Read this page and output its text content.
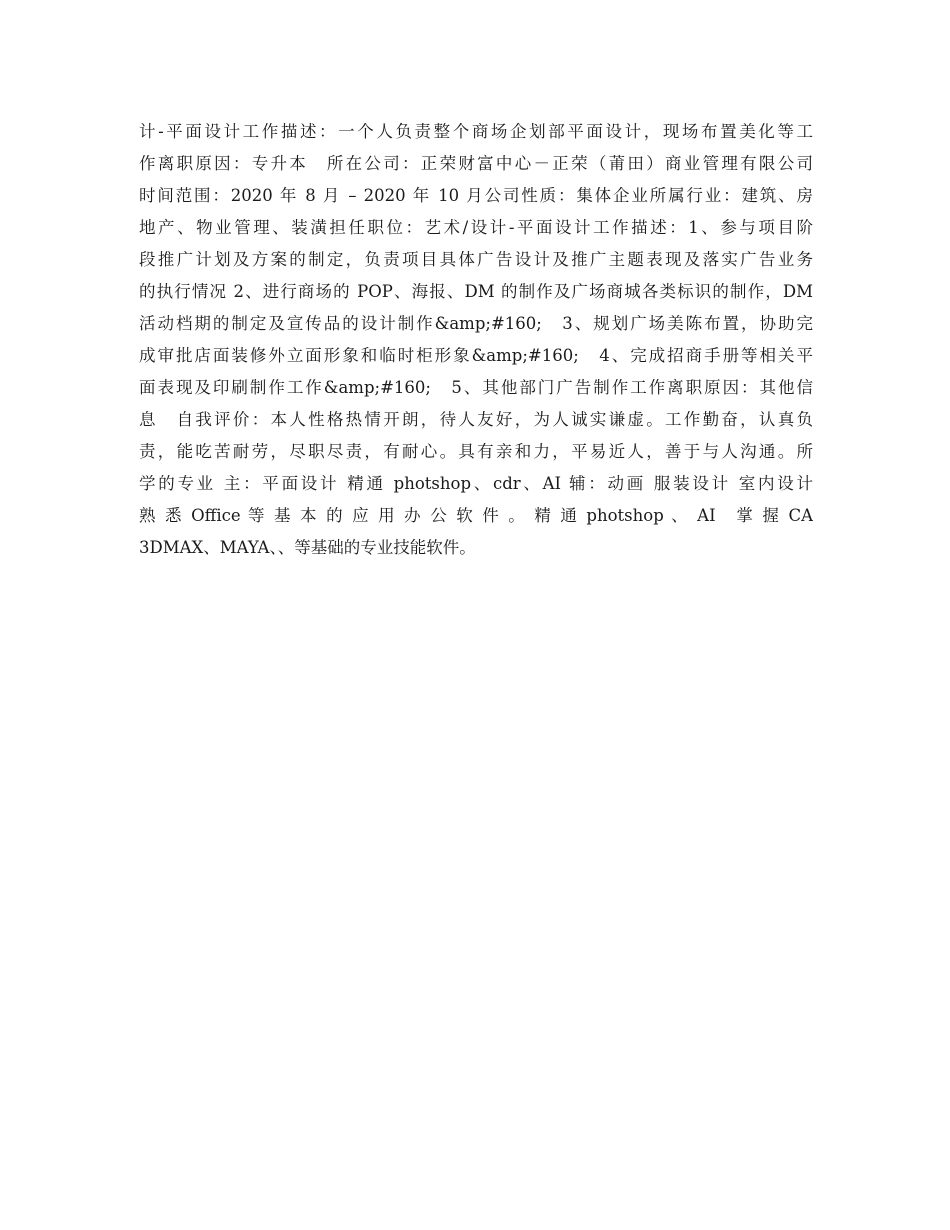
计-平面设计工作描述：一个人负责整个商场企划部平面设计，现场布置美化等工
作离职原因：专升本　所在公司：正荣财富中心－正荣（莆田）商业管理有限公司
时间范围：2020 年 8 月 – 2020 年 10 月公司性质：集体企业所属行业：建筑、房
地产、物业管理、装潢担任职位：艺术/设计-平面设计工作描述：1、参与项目阶
段推广计划及方案的制定，负责项目具体广告设计及推广主题表现及落实广告业务
的执行情况 2、进行商场的 POP、海报、DM 的制作及广场商城各类标识的制作，DM
活动档期的制定及宣传品的设计制作&amp;#160;　3、规划广场美陈布置，协助完
成审批店面装修外立面形象和临时柜形象&amp;#160;　4、完成招商手册等相关平
面表现及印刷制作工作&amp;#160;　5、其他部门广告制作工作离职原因：其他信
息　自我评价：本人性格热情开朗，待人友好，为人诚实谦虚。工作勤奋，认真负
责，能吃苦耐劳，尽职尽责，有耐心。具有亲和力，平易近人，善于与人沟通。所
学的专业 主：平面设计 精通 photshop、cdr、AI 辅：动画 服装设计 室内设计
熟 悉 Office 等 基 本 的 应 用 办 公 软 件 。 精 通 photshop 、 AI　掌 握 CA
3DMAX、MAYA、、等基础的专业技能软件。
